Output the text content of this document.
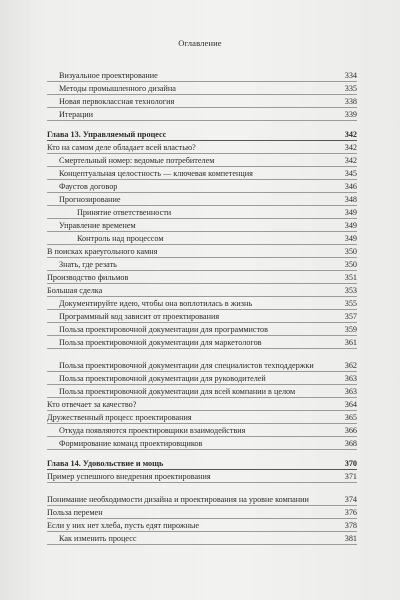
Оглавление
Визуальное проектирование	334
Методы промышленного дизайна	335
Новая первоклассная технология	338
Итерации	339
Глава 13. Управляемый процесс	342
Кто на самом деле обладает всей властью?	342
Смертельный номер: ведомые потребителем	342
Концептуальная целостность — ключевая компетенция	345
Фаустов договор	346
Прогнозирование	348
Принятие ответственности	349
Управление временем	349
Контроль над процессом	349
В поисках краеугольного камня	350
Знать, где резать	350
Производство фильмов	351
Большая сделка	353
Документируйте идею, чтобы она воплотилась в жизнь	355
Программный код зависит от проектирования	357
Польза проектировочной документации для программистов	359
Польза проектировочной документации для маркетологов	361
Польза проектировочной документации для специалистов техподдержки	362
Польза проектировочной документации для руководителей	363
Польза проектировочной документации для всей компании в целом	363
Кто отвечает за качество?	364
Дружественный процесс проектирования	365
Откуда появляются проектировщики взаимодействия	366
Формирование команд проектировщиков	368
Глава 14. Удовольствие и мощь	370
Пример успешного внедрения проектирования	371
Понимание необходимости дизайна и проектирования на уровне компании	374
Польза перемен	376
Если у них нет хлеба, пусть едят пирожные	378
Как изменить процесс	381
